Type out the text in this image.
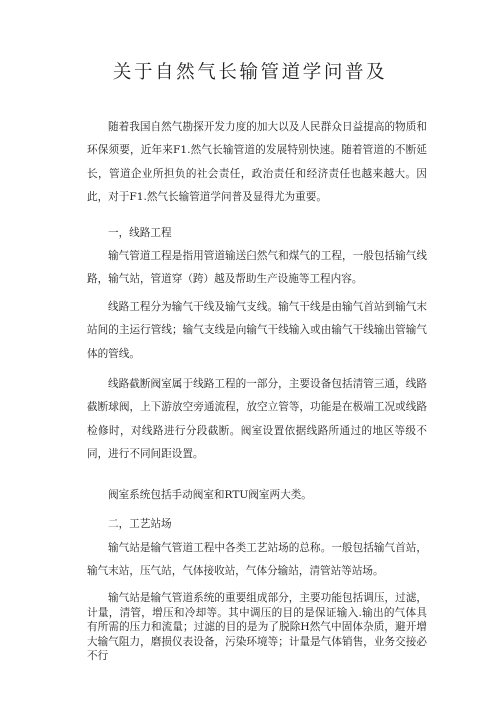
关于自然气长输管道学问普及

随着我国自然气勘探开发力度的加大以及人民群众日益提高的物质和环保须要，近年来F1.然气长输管道的发展特别快速。随着管道的不断延长，管道企业所担负的社会责任，政治责任和经济责任也越来越大。因此，对于F1.然气长输管道学问普及显得尤为重要。

一，线路工程

输气管道工程是指用管道输送臼然气和煤气的工程，一般包括输气线路，输气站，管道穿（跨）越及帮助生产设施等工程内容。

线路工程分为输气干线及输气支线。输气干线是由输气首站到输气末站间的主运行管线；输气支线是向输气干线输入或由输气干线输出管输气体的管线。

线路截断阀室属于线路工程的一部分，主要设备包括清管三通，线路截断球阀，上下游放空旁通流程，放空立管等，功能是在极端工况或线路检修时，对线路进行分段截断。阀室设置依据线路所通过的地区等级不同，进行不同间距设置。

阀室系统包括手动阀室和RTU阀室两大类。

二，工艺站场

输气站是输气管道工程中各类工艺站场的总称。一般包括输气首站，输气末站，压气站，气体接收站，气体分输站，清管站等站场。

输气站是输气管道系统的重要组成部分，主要功能包括调压，过滤，计量，清管，增压和冷却等。其中调压的目的是保证输入.输出的气体具有所需的压力和流量；过滤的目的是为了脱除H然气中固体杂质，避开增大输气阻力，磨损仪表设备，污染环境等；计量是气体销售，业务交接必不行
